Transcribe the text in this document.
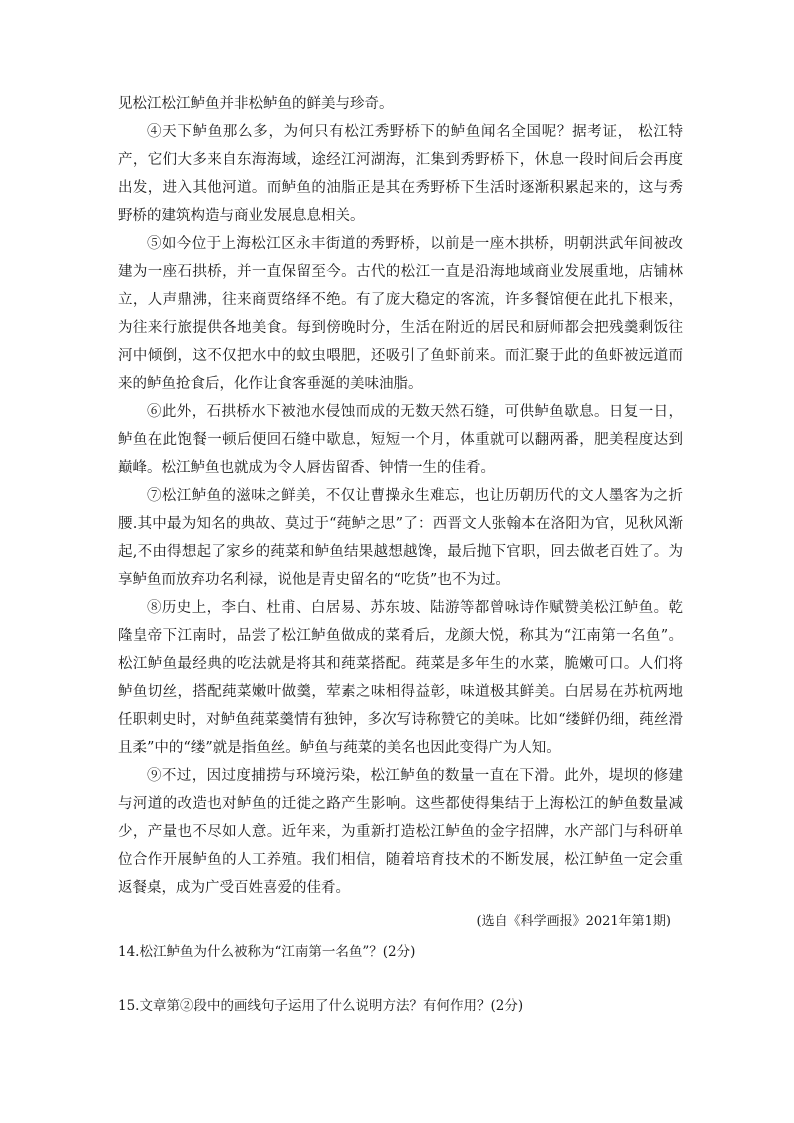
见松江松江鲈鱼并非松鲈鱼的鲜美与珍奇。

④天下鲈鱼那么多，为何只有松江秀野桥下的鲈鱼闻名全国呢？据考证， 松江特产，它们大多来自东海海域，途经江河湖海，汇集到秀野桥下，休息一段时间后会再度出发，进入其他河道。而鲈鱼的油脂正是其在秀野桥下生活时逐渐积累起来的，这与秀野桥的建筑构造与商业发展息息相关。

⑤如今位于上海松江区永丰街道的秀野桥，以前是一座木拱桥，明朝洪武年间被改建为一座石拱桥，并一直保留至今。古代的松江一直是沿海地域商业发展重地，店铺林立，人声鼎沸，往来商贾络绎不绝。有了庞大稳定的客流，许多餐馆便在此扎下根来，为往来行旅提供各地美食。每到傍晚时分，生活在附近的居民和厨师都会把残羹剩饭往河中倾倒，这不仅把水中的蚊虫喂肥，还吸引了鱼虾前来。而汇聚于此的鱼虾被远道而来的鲈鱼抢食后，化作让食客垂涎的美味油脂。

⑥此外，石拱桥水下被池水侵蚀而成的无数天然石缝，可供鲈鱼歇息。日复一日，鲈鱼在此饱餐一顿后便回石缝中歇息，短短一个月，体重就可以翻两番，肥美程度达到巅峰。松江鲈鱼也就成为令人唇齿留香、钟情一生的佳肴。

⑦松江鲈鱼的滋味之鲜美，不仅让曹操永生难忘，也让历朝历代的文人墨客为之折腰.其中最为知名的典故、莫过于“莼鲈之思”了：西晋文人张翰本在洛阳为官，见秋风渐起,不由得想起了家乡的莼菜和鲈鱼结果越想越馋，最后抛下官职，回去做老百姓了。为享鲈鱼而放弃功名利禄，说他是青史留名的“吃货”也不为过。

⑧历史上，李白、杜甫、白居易、苏东坡、陆游等都曾咏诗作赋赞美松江鲈鱼。乾隆皇帝下江南时，品尝了松江鲈鱼做成的菜肴后，龙颜大悦，称其为“江南第一名鱼”。松江鲈鱼最经典的吃法就是将其和莼菜搭配。莼菜是多年生的水菜，脆嫩可口。人们将鲈鱼切丝，搭配莼菜嫩叶做羹，荤素之味相得益彰，味道极其鲜美。白居易在苏杭两地任职刺史时，对鲈鱼莼菜羹情有独钟，多次写诗称赞它的美味。比如“缕鲜仍细，莼丝滑且柔”中的“缕”就是指鱼丝。鲈鱼与莼菜的美名也因此变得广为人知。

⑨不过，因过度捕捞与环境污染，松江鲈鱼的数量一直在下滑。此外，堤坝的修建与河道的改造也对鲈鱼的迁徙之路产生影响。这些都使得集结于上海松江的鲈鱼数量减少，产量也不尽如人意。近年来，为重新打造松江鲈鱼的金字招牌，水产部门与科研单位合作开展鲈鱼的人工养殖。我们相信，随着培育技术的不断发展，松江鲈鱼一定会重返餐桌，成为广受百姓喜爱的佳肴。

(选自《科学画报》2021年第1期)

14.松江鲈鱼为什么被称为“江南第一名鱼”？(2分)

15.文章第②段中的画线句子运用了什么说明方法？有何作用？(2分)
